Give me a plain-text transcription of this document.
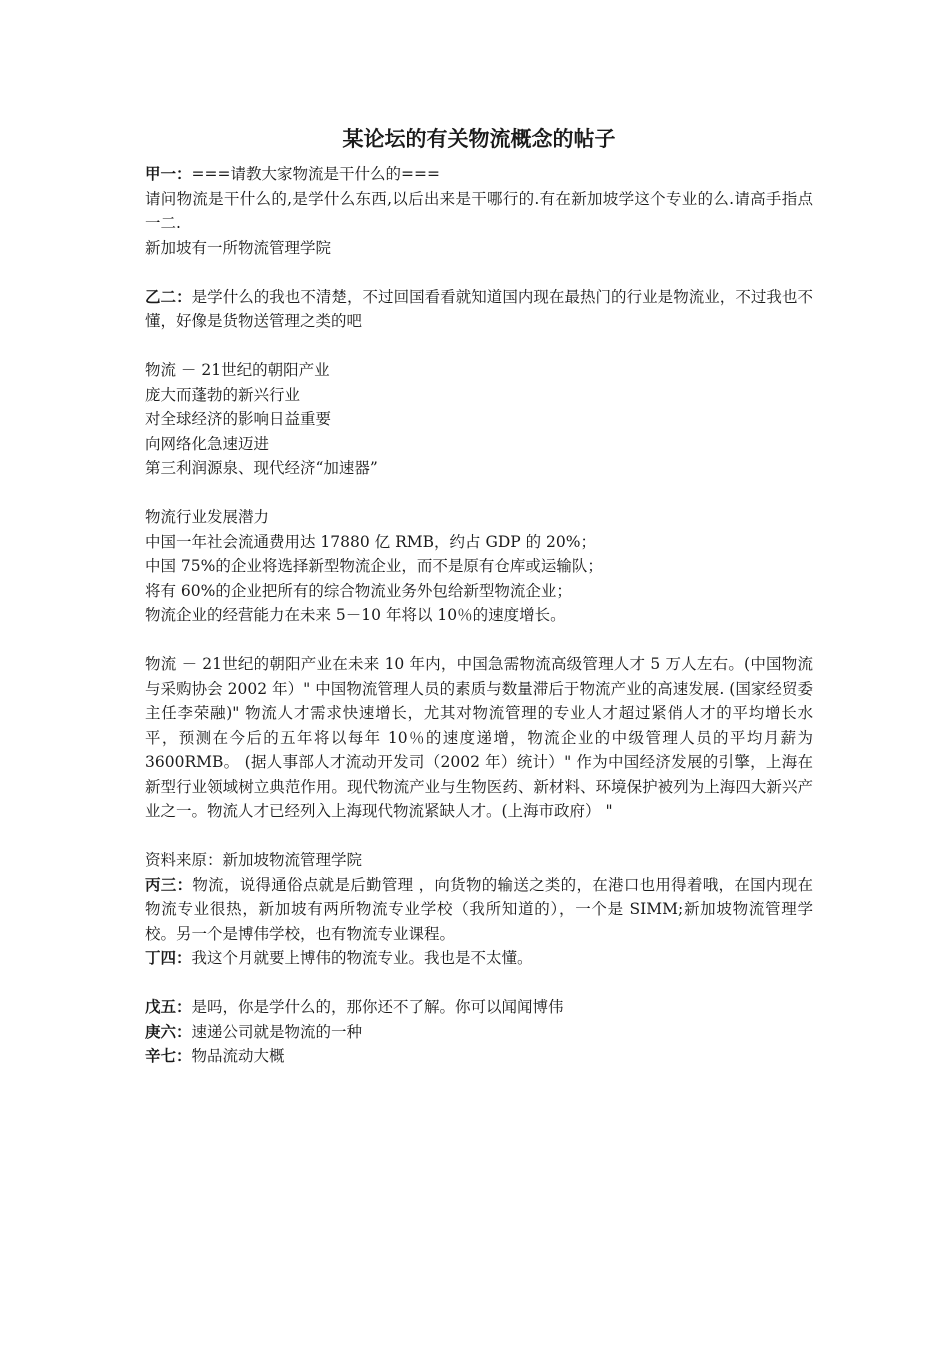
某论坛的有关物流概念的帖子

甲一：===请教大家物流是干什么的===

请问物流是干什么的,是学什么东西,以后出来是干哪行的.有在新加坡学这个专业的么.请高手指点一二.

新加坡有一所物流管理学院

乙二：是学什么的我也不清楚，不过回国看看就知道国内现在最热门的行业是物流业，不过我也不懂，好像是货物送管理之类的吧

物流 － 21世纪的朝阳产业

庞大而蓬勃的新兴行业

对全球经济的影响日益重要

向网络化急速迈进

第三利润源泉、现代经济“加速器”

物流行业发展潜力

中国一年社会流通费用达 17880 亿 RMB，约占 GDP 的 20%；

中国 75%的企业将选择新型物流企业，而不是原有仓库或运输队；

将有 60%的企业把所有的综合物流业务外包给新型物流企业；

物流企业的经营能力在未来 5－10 年将以 10％的速度增长。

物流 － 21世纪的朝阳产业在未来 10 年内，中国急需物流高级管理人才 5 万人左右。(中国物流与采购协会 2002 年）" 中国物流管理人员的素质与数量滞后于物流产业的高速发展. (国家经贸委主任李荣融)" 物流人才需求快速增长，尤其对物流管理的专业人才超过紧俏人才的平均增长水平，预测在今后的五年将以每年 10％的速度递增，物流企业的中级管理人员的平均月薪为 3600RMB。 (据人事部人才流动开发司（2002 年）统计）" 作为中国经济发展的引擎，上海在新型行业领域树立典范作用。现代物流产业与生物医药、新材料、环境保护被列为上海四大新兴产业之一。物流人才已经列入上海现代物流紧缺人才。(上海市政府） "

资料来原：新加坡物流管理学院

丙三：物流，说得通俗点就是后勤管理 ，向货物的输送之类的，在港口也用得着哦，在国内现在物流专业很热，新加坡有两所物流专业学校（我所知道的），一个是 SIMM;新加坡物流管理学校。另一个是博伟学校，也有物流专业课程。

丁四：我这个月就要上博伟的物流专业。我也是不太懂。

戊五：是吗，你是学什么的，那你还不了解。你可以闻闻博伟

庚六：速递公司就是物流的一种

辛七：物品流动大概
